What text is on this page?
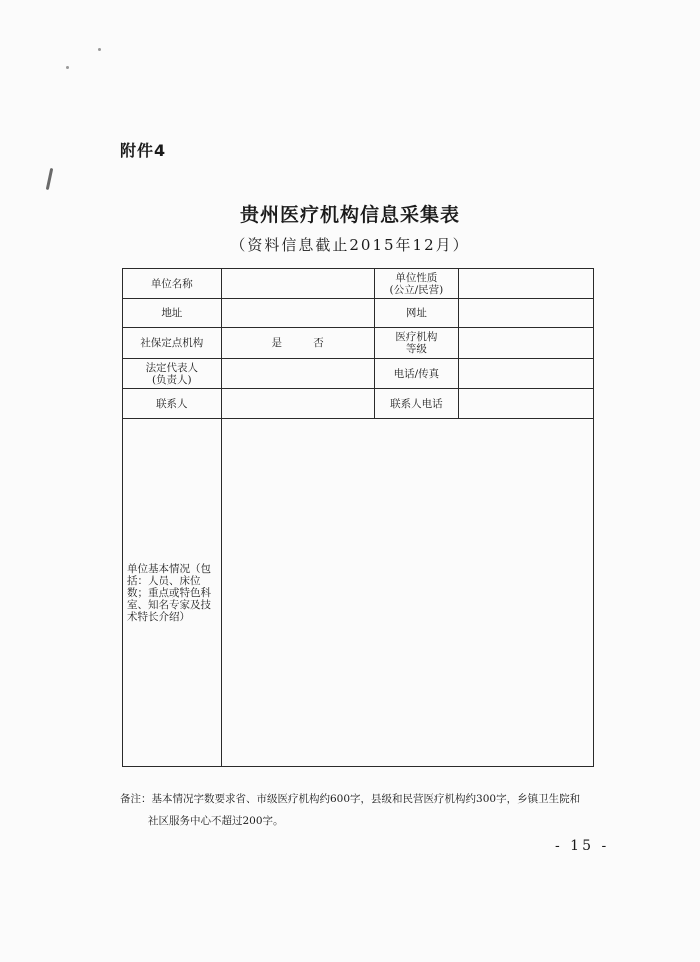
附件4
贵州医疗机构信息采集表
（资料信息截止2015年12月）
单位名称		单位性质
(公立/民营)	
地址		网址	
社保定点机构	是 否	医疗机构
等级	
法定代表人
(负责人)		电话/传真	
联系人		联系人电话	
单位基本情况（包括：人员、床位数；重点或特色科室、知名专家及技术特长介绍）			
备注：基本情况字数要求省、市级医疗机构约600字，县级和民营医疗机构约300字，乡镇卫生院和
社区服务中心不超过200字。
- 15 -
